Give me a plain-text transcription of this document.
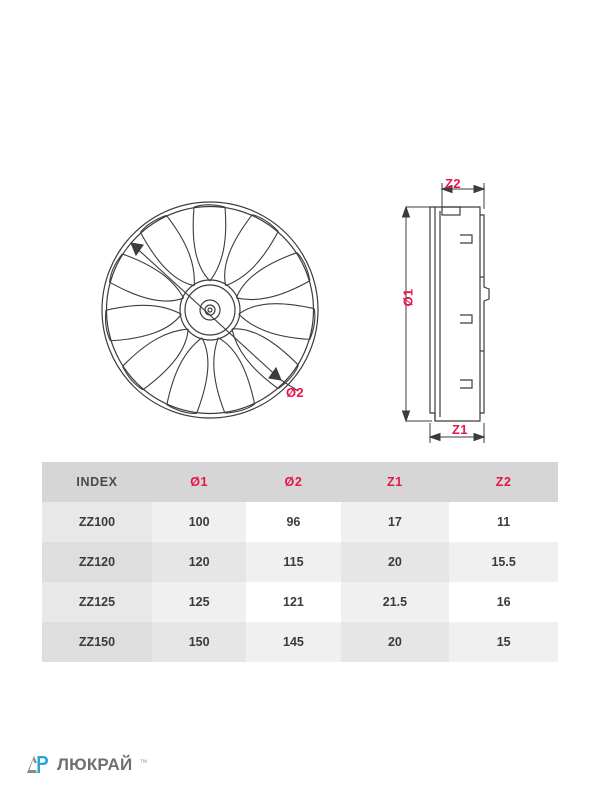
Ø2
Ø1
Z1
Z2
INDEX	Ø1	Ø2	Z1	Z2
ZZ100	100	96	17	11
ZZ120	120	115	20	15.5
ZZ125	125	121	21.5	16
ZZ150	150	145	20	15
ЛЮКРАЙ ™
